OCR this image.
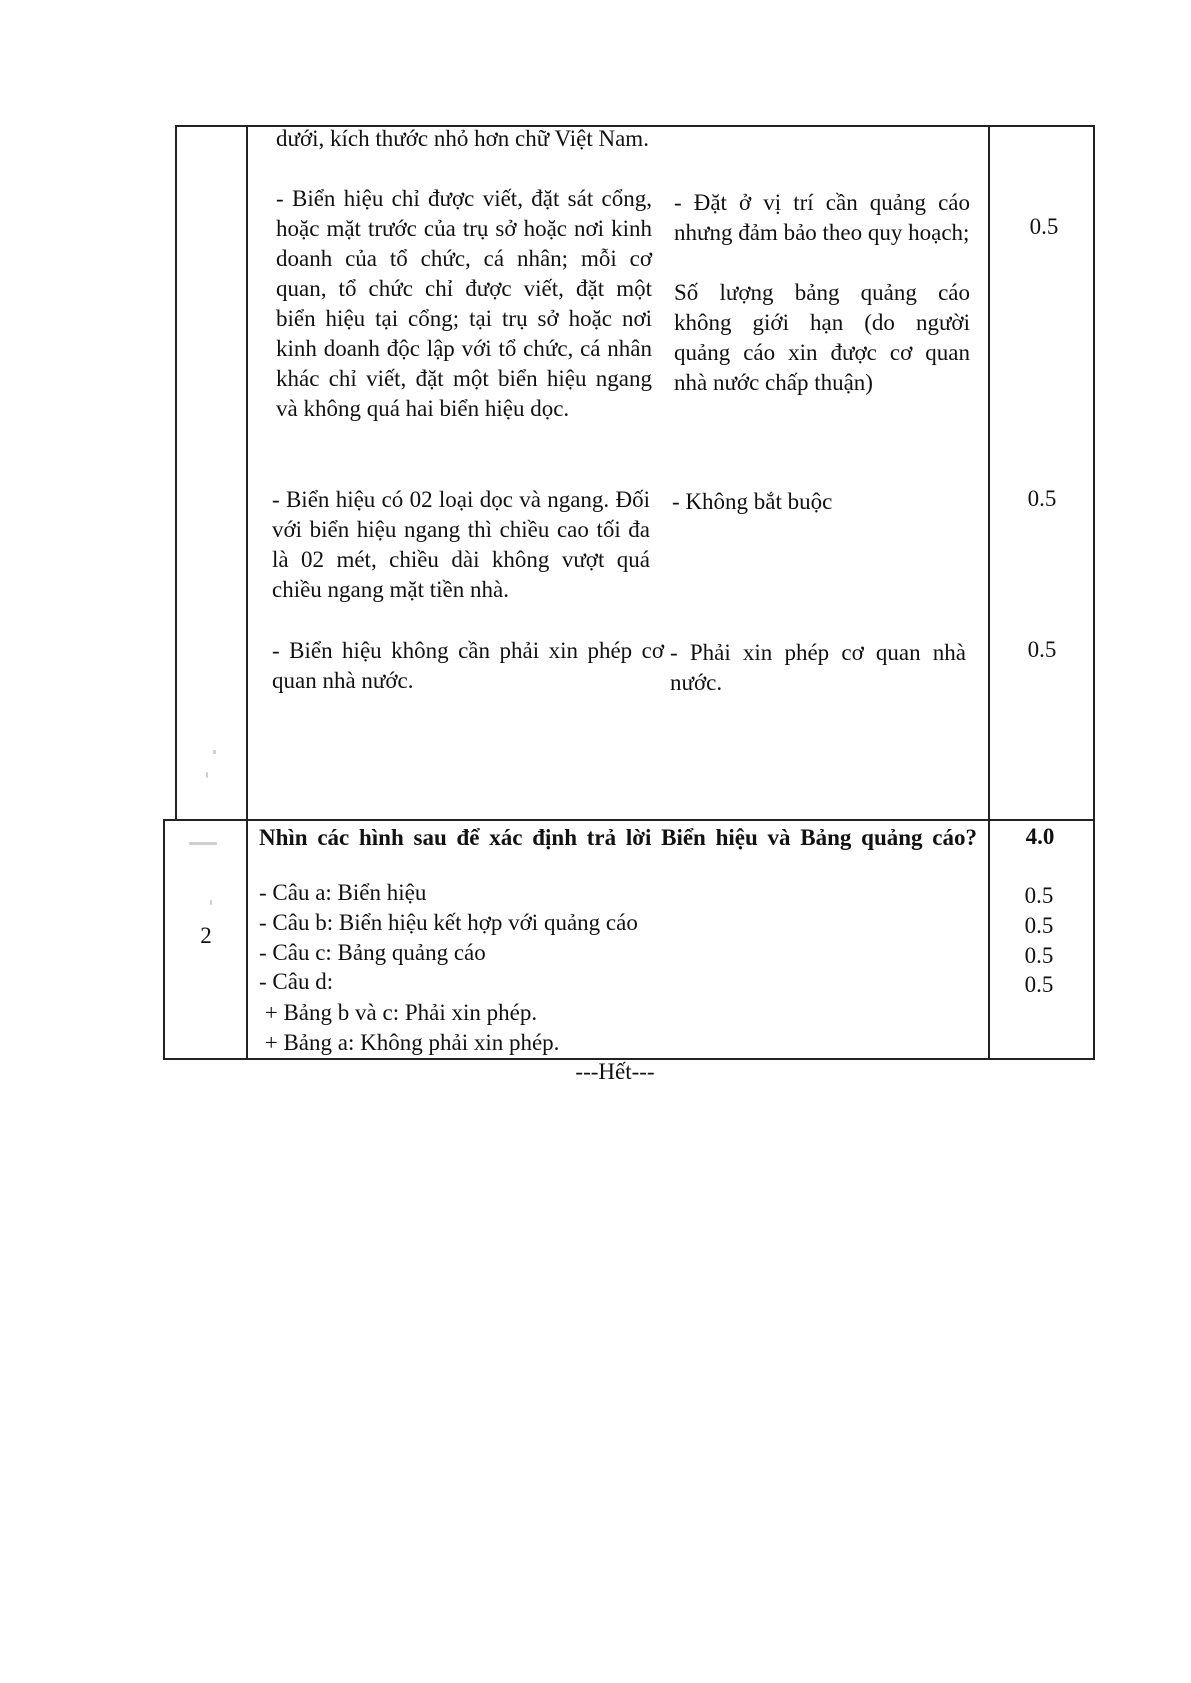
dưới, kích thước nhỏ hơn chữ Việt Nam.
- Biển hiệu chỉ được viết, đặt sát cổng, hoặc mặt trước của trụ sở hoặc nơi kinh doanh của tổ chức, cá nhân; mỗi cơ quan, tổ chức chỉ được viết, đặt một biển hiệu tại cổng; tại trụ sở hoặc nơi kinh doanh độc lập với tổ chức, cá nhân khác chỉ viết, đặt một biển hiệu ngang và không quá hai biển hiệu dọc.
- Biển hiệu có 02 loại dọc và ngang. Đối với biển hiệu ngang thì chiều cao tối đa là 02 mét, chiều dài không vượt quá chiều ngang mặt tiền nhà.
- Biển hiệu không cần phải xin phép cơ quan nhà nước.
- Đặt ở vị trí cần quảng cáo nhưng đảm bảo theo quy hoạch;
Số lượng bảng quảng cáo không giới hạn (do người quảng cáo xin được cơ quan nhà nước chấp thuận)
- Không bắt buộc
- Phải xin phép cơ quan nhà nước.
0.5
0.5
0.5
2
Nhìn các hình sau để xác định trả lời Biển hiệu và Bảng quảng cáo?
- Câu a: Biển hiệu
- Câu b: Biển hiệu kết hợp với quảng cáo
- Câu c: Bảng quảng cáo
- Câu d:
+ Bảng b và c: Phải xin phép.
+ Bảng a: Không phải xin phép.
4.0
0.5
0.5
0.5
0.5
---Hết---
